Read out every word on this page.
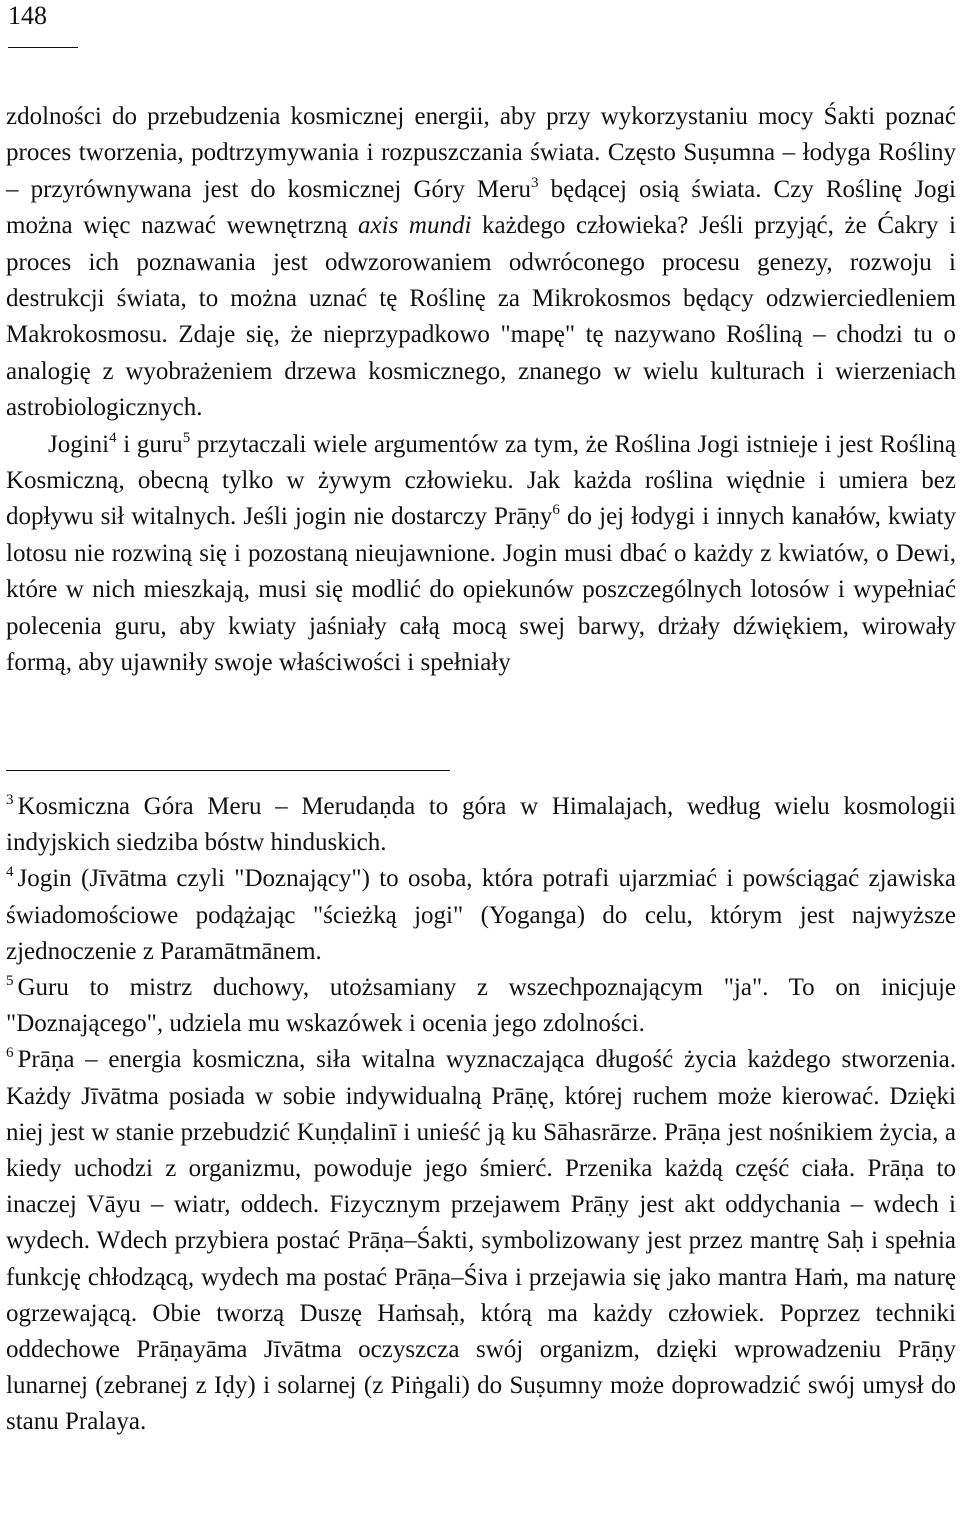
148

zdolności do przebudzenia kosmicznej energii, aby przy wykorzystaniu mocy Śakti poznać proces tworzenia, podtrzymywania i rozpuszczania świata. Często Suṣumna – łodyga Rośliny – przyrównywana jest do kosmicznej Góry Meru$^3$ będącej osią świata. Czy Roślinę Jogi można więc nazwać wewnętrzną axis mundi każdego człowieka? Jeśli przyjąć, że Ćakry i proces ich poznawania jest odwzorowaniem odwróconego procesu genezy, rozwoju i destrukcji świata, to można uznać tę Roślinę za Mikrokosmos będący odzwierciedleniem Makrokosmosu. Zdaje się, że nieprzypadkowo "mapę" tę nazywano Rośliną – chodzi tu o analogię z wyobrażeniem drzewa kosmicznego, znanego w wielu kulturach i wierzeniach astrobiologicznych.

Jogini$^4$ i guru$^5$ przytaczali wiele argumentów za tym, że Roślina Jogi istnieje i jest Rośliną Kosmiczną, obecną tylko w żywym człowieku. Jak każda roślina więdnie i umiera bez dopływu sił witalnych. Jeśli jogin nie dostarczy Prāṇy$^6$ do jej łodygi i innych kanałów, kwiaty lotosu nie rozwiną się i pozostaną nieujawnione. Jogin musi dbać o każdy z kwiatów, o Dewi, które w nich mieszkają, musi się modlić do opiekunów poszczególnych lotosów i wypełniać polecenia guru, aby kwiaty jaśniały całą mocą swej barwy, drżały dźwiękiem, wirowały formą, aby ujawniły swoje właściwości i spełniały

$^3$ Kosmiczna Góra Meru – Merudaṇda to góra w Himalajach, według wielu kosmologii indyjskich siedziba bóstw hinduskich.

$^4$ Jogin (Jīvātma czyli "Doznający") to osoba, która potrafi ujarzmiać i powściągać zjawiska świadomościowe podążając "ścieżką jogi" (Yoganga) do celu, którym jest najwyższe zjednoczenie z Paramātmānem.

$^5$ Guru to mistrz duchowy, utożsamiany z wszechpoznającym "ja". To on inicjuje "Doznającego", udziela mu wskazówek i ocenia jego zdolności.

$^6$ Prāṇa – energia kosmiczna, siła witalna wyznaczająca długość życia każdego stworzenia. Każdy Jīvātma posiada w sobie indywidualną Prāṇę, której ruchem może kierować. Dzięki niej jest w stanie przebudzić Kuṇḍalinī i unieść ją ku Sāhasrārze. Prāṇa jest nośnikiem życia, a kiedy uchodzi z organizmu, powoduje jego śmierć. Przenika każdą część ciała. Prāṇa to inaczej Vāyu – wiatr, oddech. Fizycznym przejawem Prāṇy jest akt oddychania – wdech i wydech. Wdech przybiera postać Prāṇa–Śakti, symbolizowany jest przez mantrę Saḥ i spełnia funkcję chłodzącą, wydech ma postać Prāṇa–Śiva i przejawia się jako mantra Haṁ, ma naturę ogrzewającą. Obie tworzą Duszę Haṁsaḥ, którą ma każdy człowiek. Poprzez techniki oddechowe Prāṇayāma Jīvātma oczyszcza swój organizm, dzięki wprowadzeniu Prāṇy lunarnej (zebranej z Iḍy) i solarnej (z Piṅgali) do Suṣumny może doprowadzić swój umysł do stanu Pralaya.
